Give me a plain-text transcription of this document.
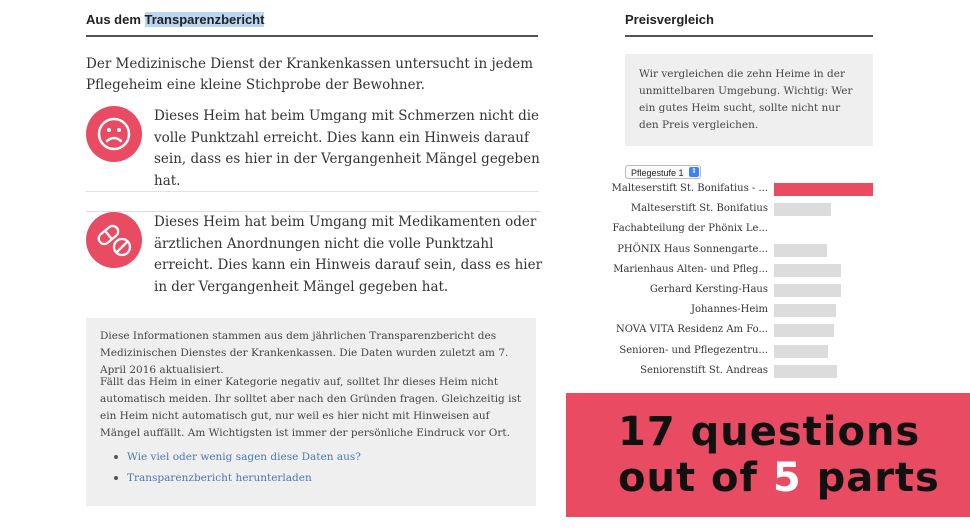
Aus dem Transparenzbericht
Der Medizinische Dienst der Krankenkassen untersucht in jedem Pflegeheim eine kleine Stichprobe der Bewohner.
Dieses Heim hat beim Umgang mit Schmerzen nicht die volle Punktzahl erreicht. Dies kann ein Hinweis darauf sein, dass es hier in der Vergangenheit Mängel gegeben hat.
Dieses Heim hat beim Umgang mit Medikamenten oder ärztlichen Anordnungen nicht die volle Punktzahl erreicht. Dies kann ein Hinweis darauf sein, dass es hier in der Vergangenheit Mängel gegeben hat.
Diese Informationen stammen aus dem jährlichen Transparenzbericht des Medizinischen Dienstes der Krankenkassen. Die Daten wurden zuletzt am 7. April 2016 aktualisiert.
Fällt das Heim in einer Kategorie negativ auf, solltet Ihr dieses Heim nicht automatisch meiden. Ihr solltet aber nach den Gründen fragen. Gleichzeitig ist ein Heim nicht automatisch gut, nur weil es hier nicht mit Hinweisen auf Mängel auffällt. Am Wichtigsten ist immer der persönliche Eindruck vor Ort.
Wie viel oder wenig sagen diese Daten aus?
Transparenzbericht herunterladen
Preisvergleich
Wir vergleichen die zehn Heime in der unmittelbaren Umgebung. Wichtig: Wer ein gutes Heim sucht, sollte nicht nur den Preis vergleichen.
Pflegestufe 1 ⇕
Malteserstift St. Bonifatius - ...
Malteserstift St. Bonifatius
Fachabteilung der Phönix Le...
PHÖNIX Haus Sonnengarte...
Marienhaus Alten- und Pfleg...
Gerhard Kersting-Haus
Johannes-Heim
NOVA VITA Residenz Am Fo...
Senioren- und Pflegezentru...
Seniorenstift St. Andreas
17 questions
out of 5 parts
